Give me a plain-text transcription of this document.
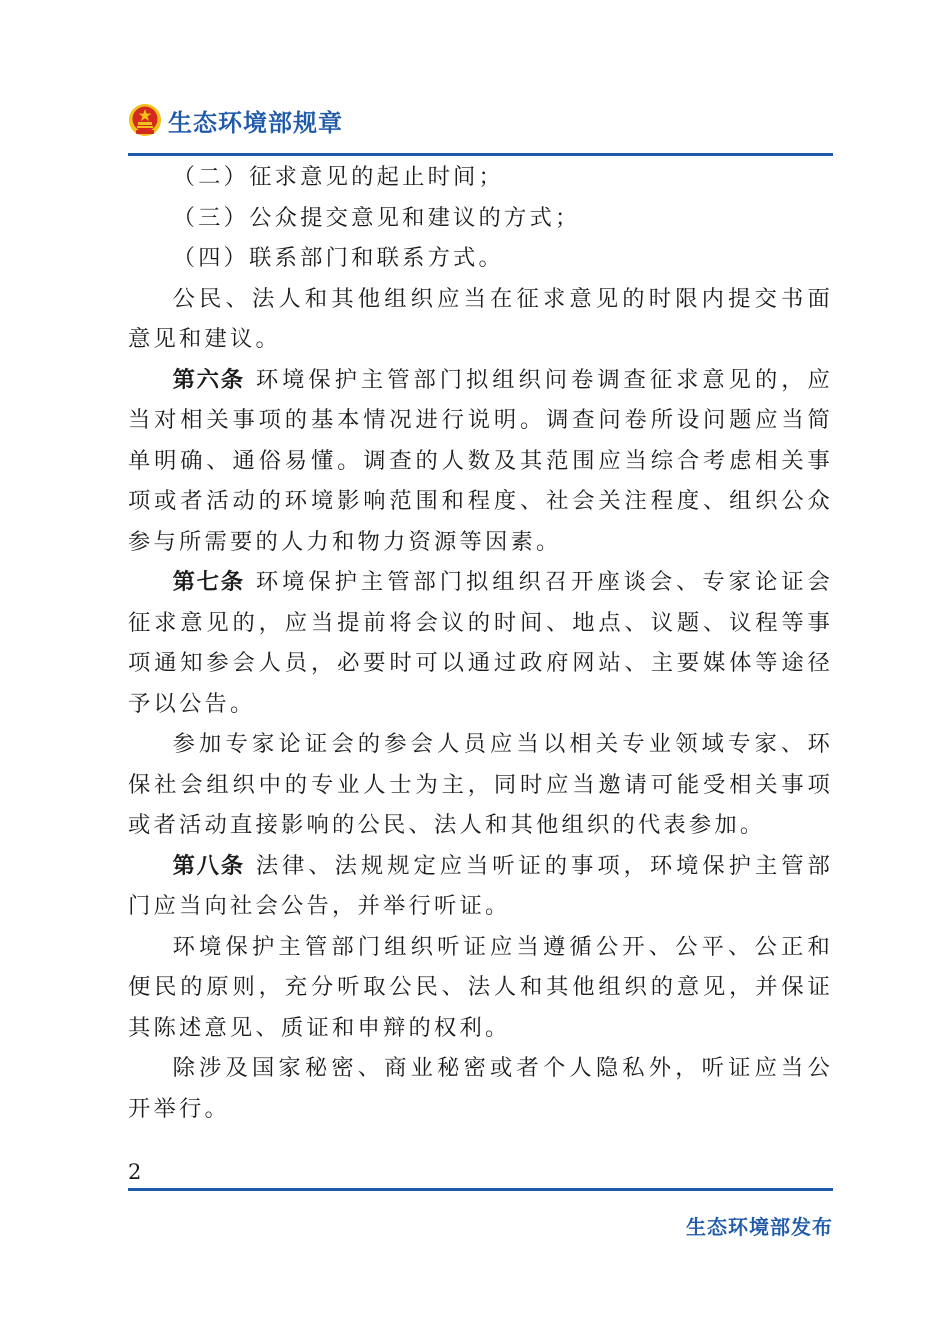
生态环境部规章

（二）征求意见的起止时间；

（三）公众提交意见和建议的方式；

（四）联系部门和联系方式。

公民、法人和其他组织应当在征求意见的时限内提交书面意见和建议。

第六条 环境保护主管部门拟组织问卷调查征求意见的，应当对相关事项的基本情况进行说明。调查问卷所设问题应当简单明确、通俗易懂。调查的人数及其范围应当综合考虑相关事项或者活动的环境影响范围和程度、社会关注程度、组织公众参与所需要的人力和物力资源等因素。

第七条 环境保护主管部门拟组织召开座谈会、专家论证会征求意见的，应当提前将会议的时间、地点、议题、议程等事项通知参会人员，必要时可以通过政府网站、主要媒体等途径予以公告。

参加专家论证会的参会人员应当以相关专业领域专家、环保社会组织中的专业人士为主，同时应当邀请可能受相关事项或者活动直接影响的公民、法人和其他组织的代表参加。

第八条 法律、法规规定应当听证的事项，环境保护主管部门应当向社会公告，并举行听证。

环境保护主管部门组织听证应当遵循公开、公平、公正和便民的原则，充分听取公民、法人和其他组织的意见，并保证其陈述意见、质证和申辩的权利。

除涉及国家秘密、商业秘密或者个人隐私外，听证应当公开举行。

2
生态环境部发布
